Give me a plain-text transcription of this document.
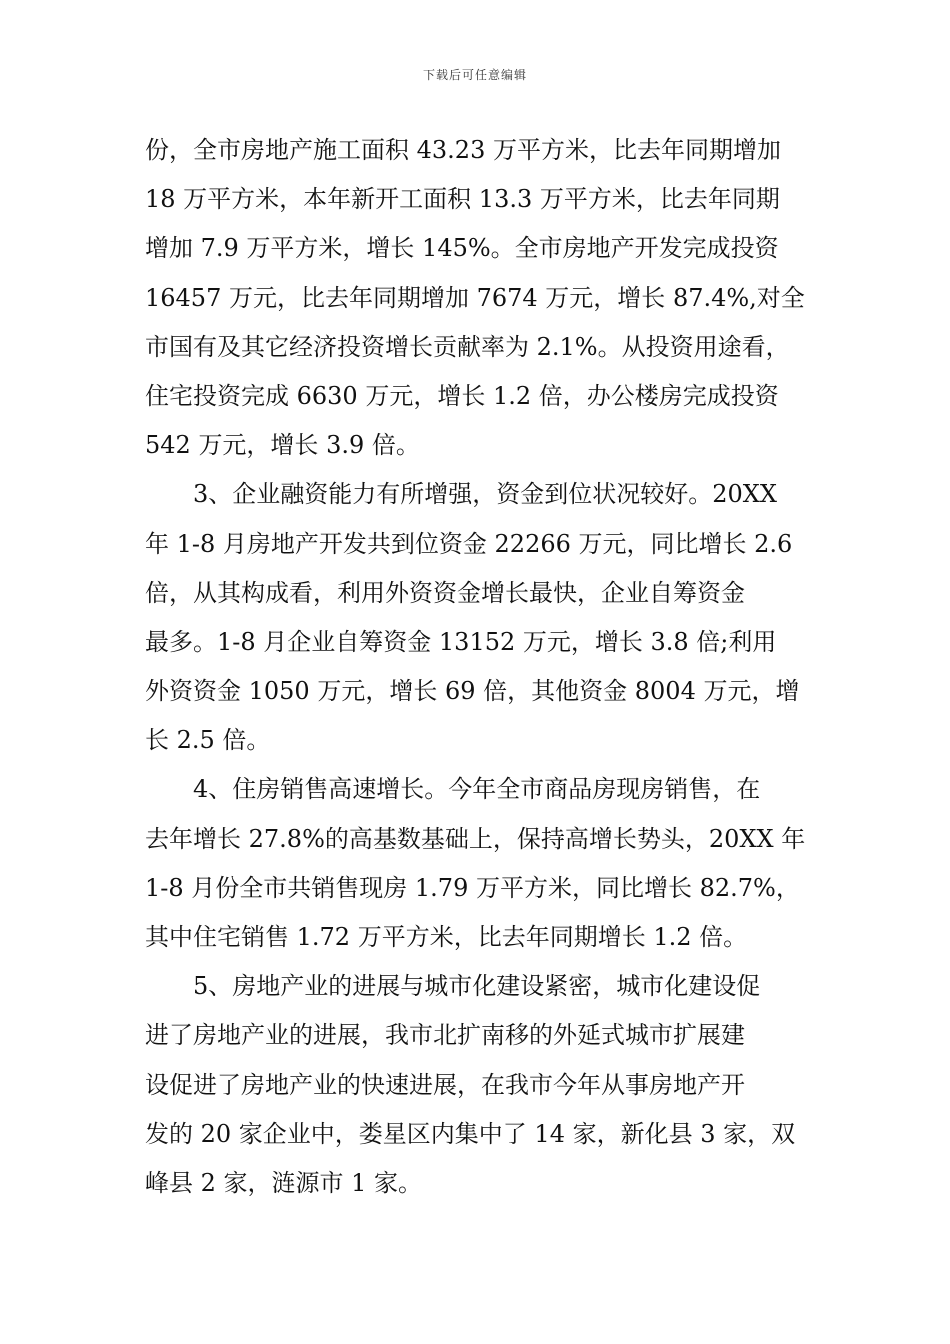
下载后可任意编辑
份，全市房地产施工面积 43.23 万平方米，比去年同期增加
18 万平方米，本年新开工面积 13.3 万平方米，比去年同期
增加 7.9 万平方米，增长 145%。全市房地产开发完成投资
16457 万元，比去年同期增加 7674 万元，增长 87.4%,对全
市国有及其它经济投资增长贡献率为 2.1%。从投资用途看，
住宅投资完成 6630 万元，增长 1.2 倍，办公楼房完成投资
542 万元，增长 3.9 倍。
　　3、企业融资能力有所增强，资金到位状况较好。20XX
年 1-8 月房地产开发共到位资金 22266 万元，同比增长 2.6
倍，从其构成看，利用外资资金增长最快，企业自筹资金
最多。1-8 月企业自筹资金 13152 万元，增长 3.8 倍;利用
外资资金 1050 万元，增长 69 倍，其他资金 8004 万元，增
长 2.5 倍。
　　4、住房销售高速增长。今年全市商品房现房销售，在
去年增长 27.8%的高基数基础上，保持高增长势头，20XX 年
1-8 月份全市共销售现房 1.79 万平方米，同比增长 82.7%，
其中住宅销售 1.72 万平方米，比去年同期增长 1.2 倍。
　　5、房地产业的进展与城市化建设紧密，城市化建设促
进了房地产业的进展，我市北扩南移的外延式城市扩展建
设促进了房地产业的快速进展，在我市今年从事房地产开
发的 20 家企业中，娄星区内集中了 14 家，新化县 3 家，双
峰县 2 家，涟源市 1 家。
